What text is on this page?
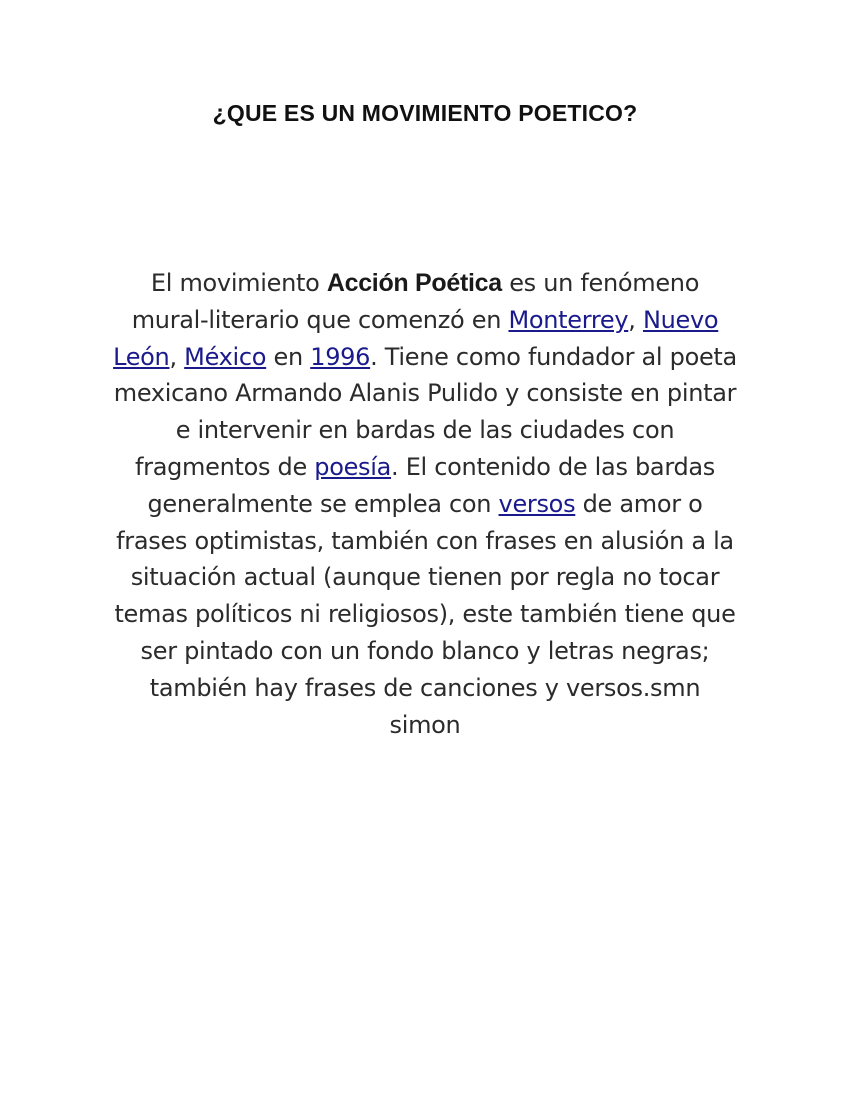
¿QUE ES UN MOVIMIENTO POETICO?

El movimiento Acción Poética es un fenómeno mural-literario que comenzó en Monterrey, Nuevo León, México en 1996. Tiene como fundador al poeta mexicano Armando Alanis Pulido y consiste en pintar e intervenir en bardas de las ciudades con fragmentos de poesía. El contenido de las bardas generalmente se emplea con versos de amor o frases optimistas, también con frases en alusión a la situación actual (aunque tienen por regla no tocar temas políticos ni religiosos), este también tiene que ser pintado con un fondo blanco y letras negras; también hay frases de canciones y versos.smn simon
